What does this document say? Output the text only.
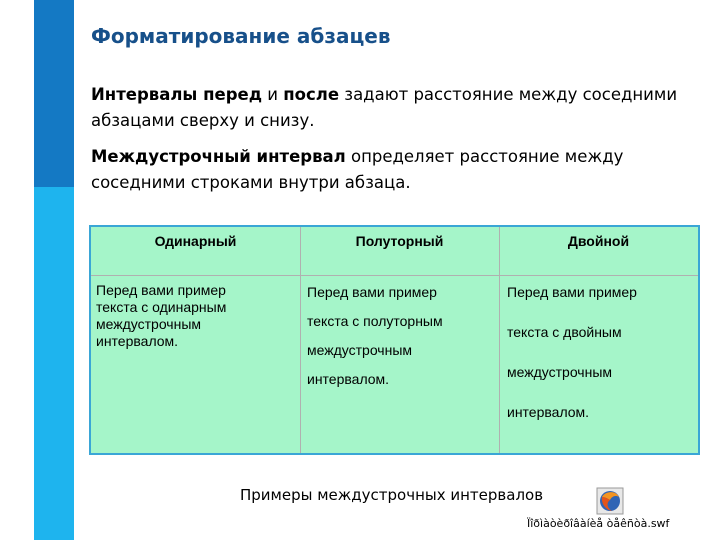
Форматирование абзацев
Интервалы перед и после задают расстояние между соседними абзацами сверху и снизу.
Междустрочный интервал определяет расстояние между соседними строками внутри абзаца.
Одинарный	Полуторный	Двойной
Перед вами пример
текста с одинарным
междустрочным
интервалом.
Перед вами пример
текста с полуторным
междустрочным
интервалом.
Перед вами пример
текста с двойным
междустрочным
интервалом.
Примеры междустрочных интервалов
Ïîðìàòèðîâàíèå òåêñòà.swf
